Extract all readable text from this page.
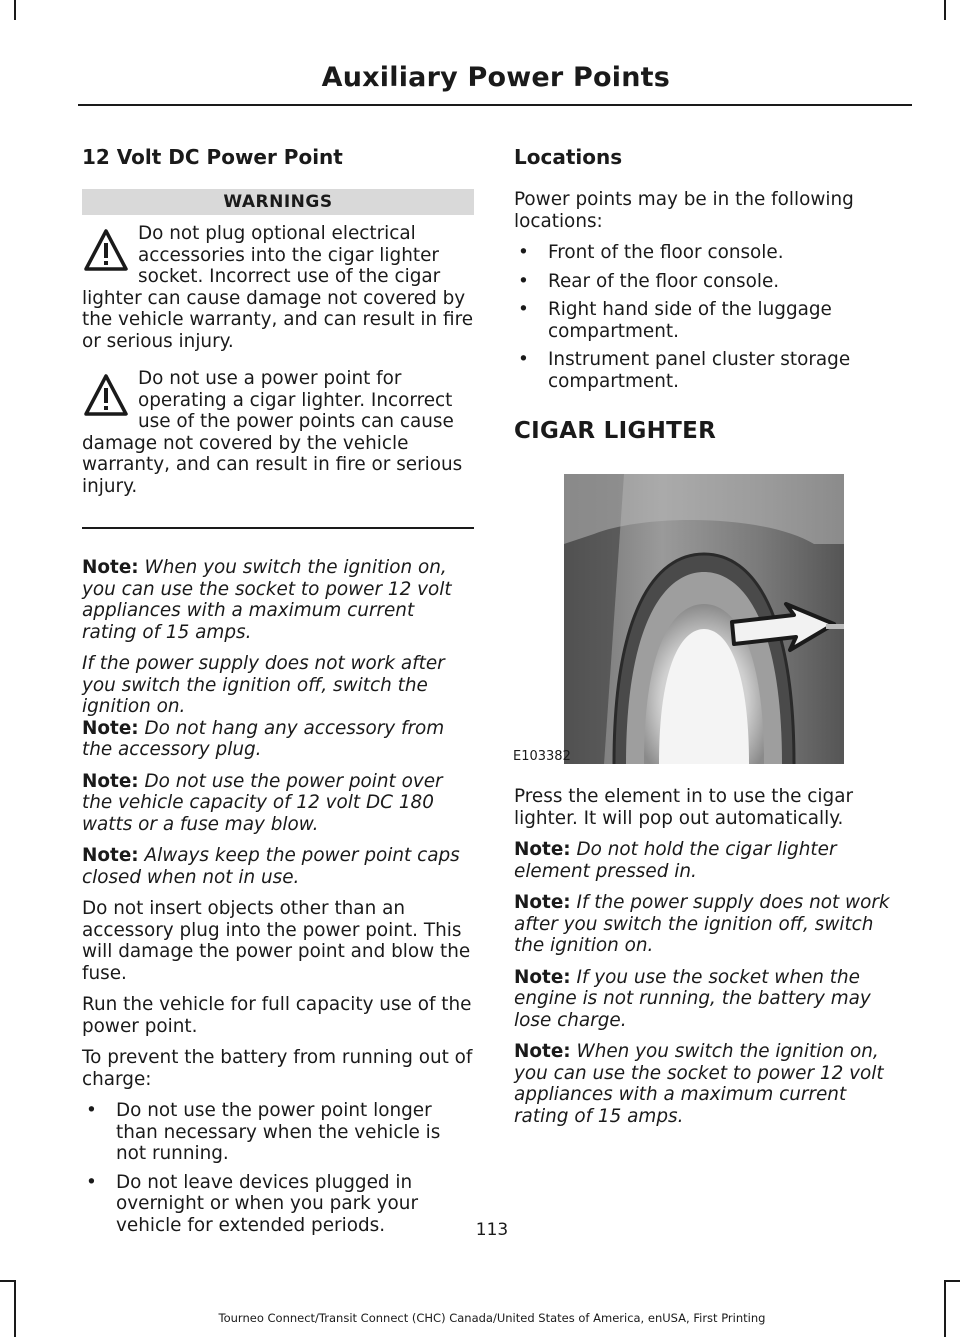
Auxiliary Power Points
12 Volt DC Power Point
WARNINGS
Do not plug optional electrical accessories into the cigar lighter socket. Incorrect use of the cigar lighter can cause damage not covered by the vehicle warranty, and can result in fire or serious injury.
Do not use a power point for operating a cigar lighter. Incorrect use of the power points can cause damage not covered by the vehicle warranty, and can result in fire or serious injury.

Note: When you switch the ignition on, you can use the socket to power 12 volt appliances with a maximum current rating of 15 amps.

If the power supply does not work after you switch the ignition off, switch the ignition on.

Note: Do not hang any accessory from the accessory plug.

Note: Do not use the power point over the vehicle capacity of 12 volt DC 180 watts or a fuse may blow.

Note: Always keep the power point caps closed when not in use.

Do not insert objects other than an accessory plug into the power point. This will damage the power point and blow the fuse.

Run the vehicle for full capacity use of the power point.

To prevent the battery from running out of charge:

• Do not use the power point longer than necessary when the vehicle is not running.
• Do not leave devices plugged in overnight or when you park your vehicle for extended periods.
Locations

Power points may be in the following locations:

• Front of the floor console.
• Rear of the floor console.
• Right hand side of the luggage compartment.
• Instrument panel cluster storage compartment.
CIGAR LIGHTER
E103382

Press the element in to use the cigar lighter. It will pop out automatically.

Note: Do not hold the cigar lighter element pressed in.

Note: If the power supply does not work after you switch the ignition off, switch the ignition on.

Note: If you use the socket when the engine is not running, the battery may lose charge.

Note: When you switch the ignition on, you can use the socket to power 12 volt appliances with a maximum current rating of 15 amps.

113
Tourneo Connect/Transit Connect (CHC) Canada/United States of America, enUSA, First Printing
